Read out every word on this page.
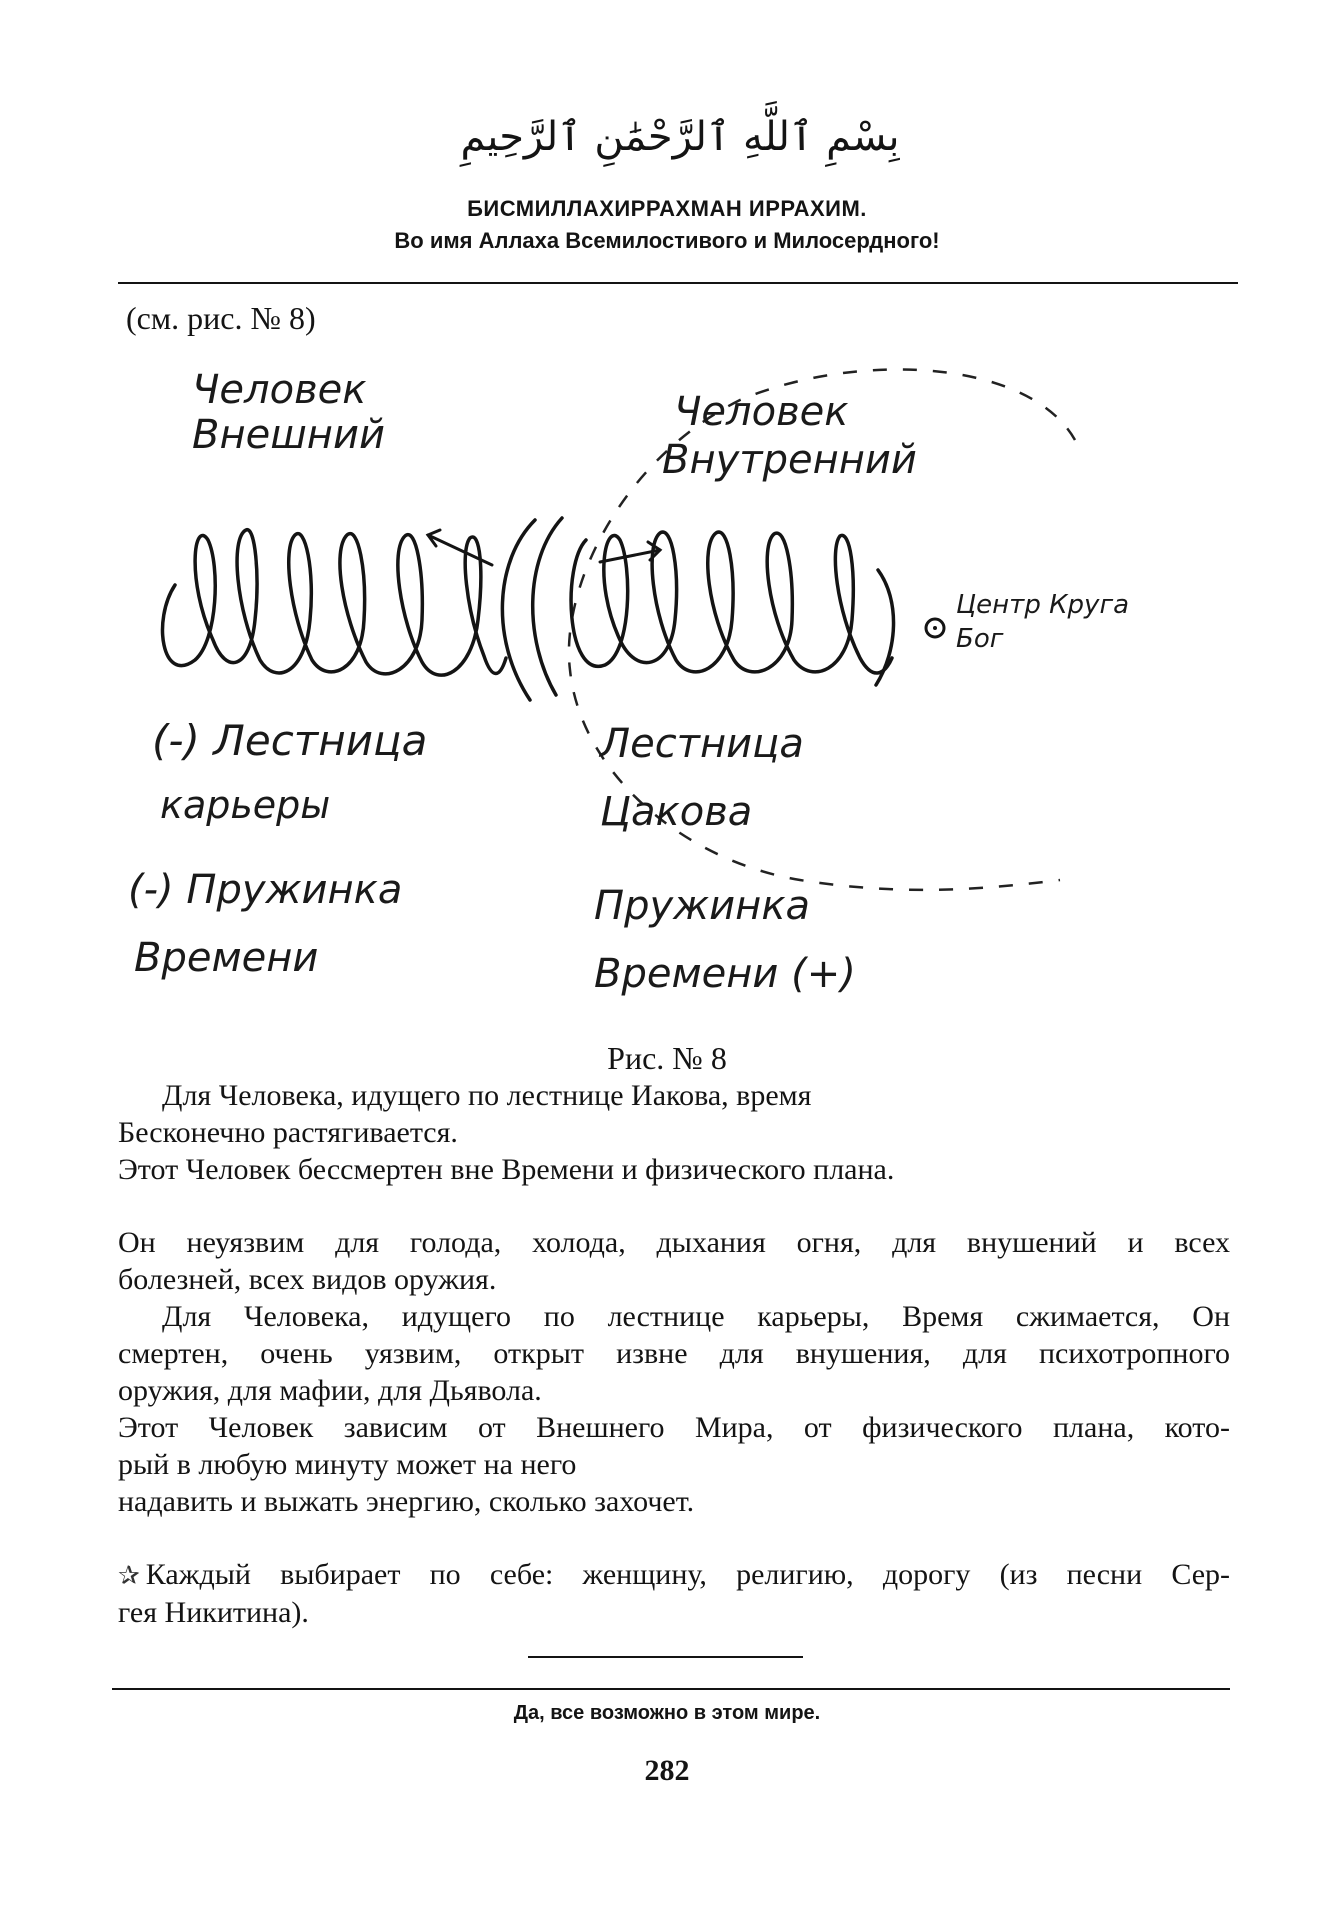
بِسْمِ ٱللَّهِ ٱلرَّحْمَٰنِ ٱلرَّحِيمِ
БИСМИЛЛАХИРРАХМАН ИРРАХИМ.
Во имя Аллаха Всемилостивого и Милосердного!
(см. рис. № 8)
Человек
Внешний	Человек
Внутренний
Центр Круга
Бог
(-) Лестница
карьеры
(-) Пружинка
Времени
Лестница
Цакова
Пружинка
Времени (+)
Рис. № 8

Для Человека, идущего по лестнице Иакова, время

Бесконечно растягивается.

Этот Человек бессмертен вне Времени и физического плана.

Он неуязвим для голода, холода, дыхания огня, для внушений и всех

болезней, всех видов оружия.

Для Человека, идущего по лестнице карьеры, Время сжимается, Он

смертен, очень уязвим, открыт извне для внушения, для психотропного

оружия, для мафии, для Дьявола.

Этот Человек зависим от Внешнего Мира, от физического плана, кото-

рый в любую минуту может на него

надавить и выжать энергию, сколько захочет.

✰ Каждый выбирает по себе: женщину, религию, дорогу (из песни Сер-

гея Никитина).

Да, все возможно в этом мире.
282
